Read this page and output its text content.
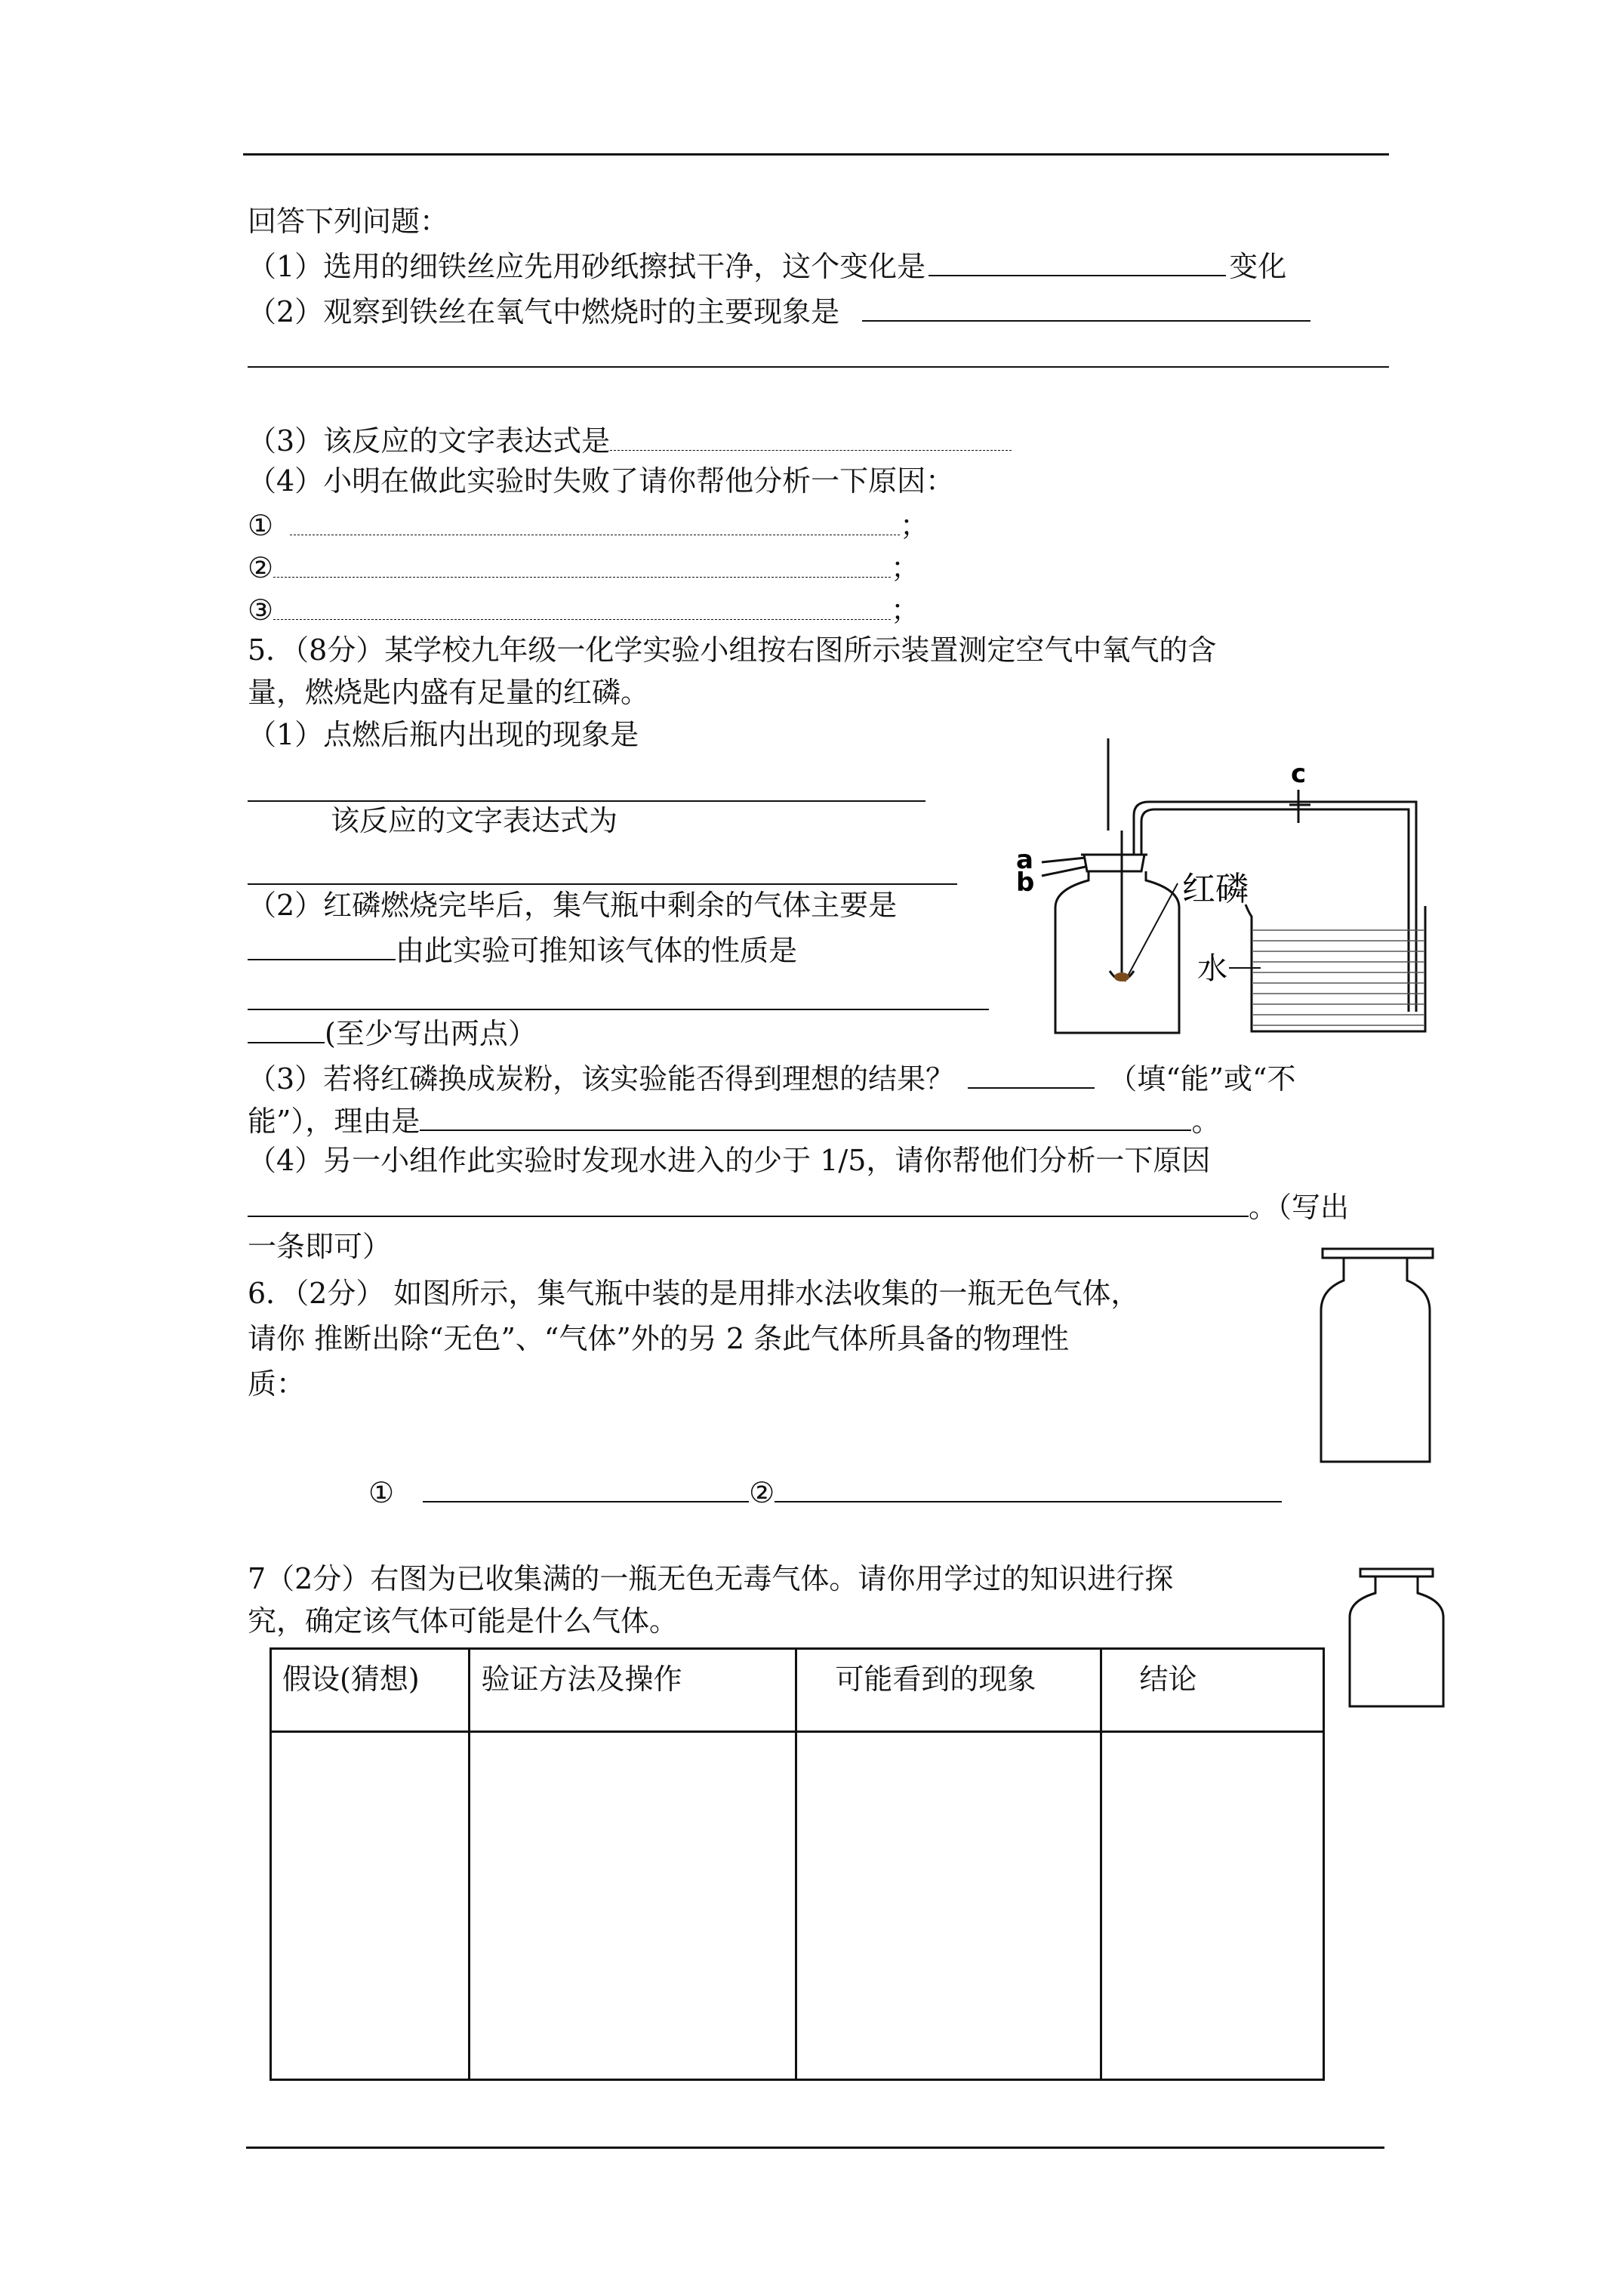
回答下列问题：
（1）选用的细铁丝应先用砂纸擦拭干净，这个变化是	变化
（2）观察到铁丝在氧气中燃烧时的主要现象是
（3）该反应的文字表达式是
（4）小明在做此实验时失败了请你帮他分析一下原因：
①	；
②	；
③	；
5．（8分）某学校九年级一化学实验小组按右图所示装置测定空气中氧气的含
量，燃烧匙内盛有足量的红磷。
（1）点燃后瓶内出现的现象是
该反应的文字表达式为
（2）红磷燃烧完毕后，集气瓶中剩余的气体主要是
由此实验可推知该气体的性质是
(至少写出两点）
（3）若将红磷换成炭粉，该实验能否得到理想的结果？	（填“能”或“不
能”），理由是	。
（4）另一小组作此实验时发现水进入的少于 1/5，请你帮他们分析一下原因
。（写出
一条即可）
6．（2分） 如图所示，集气瓶中装的是用排水法收集的一瓶无色气体，
请你 推断出除“无色”、“气体”外的另 2 条此气体所具备的物理性
质：
①	②
7（2分）右图为已收集满的一瓶无色无毒气体。请你用学过的知识进行探
究，确定该气体可能是什么气体。
假设(猜想)	验证方法及操作	可能看到的现象	结论

a
b
c
红磷
水
